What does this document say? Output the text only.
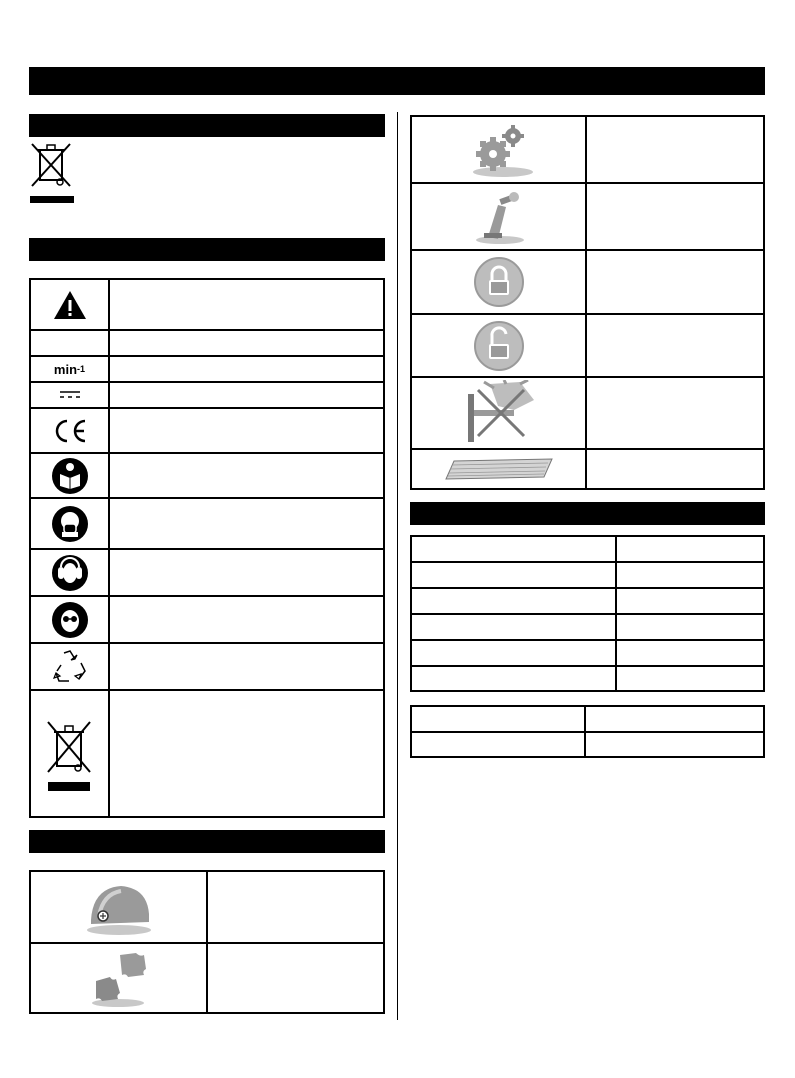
min -1
